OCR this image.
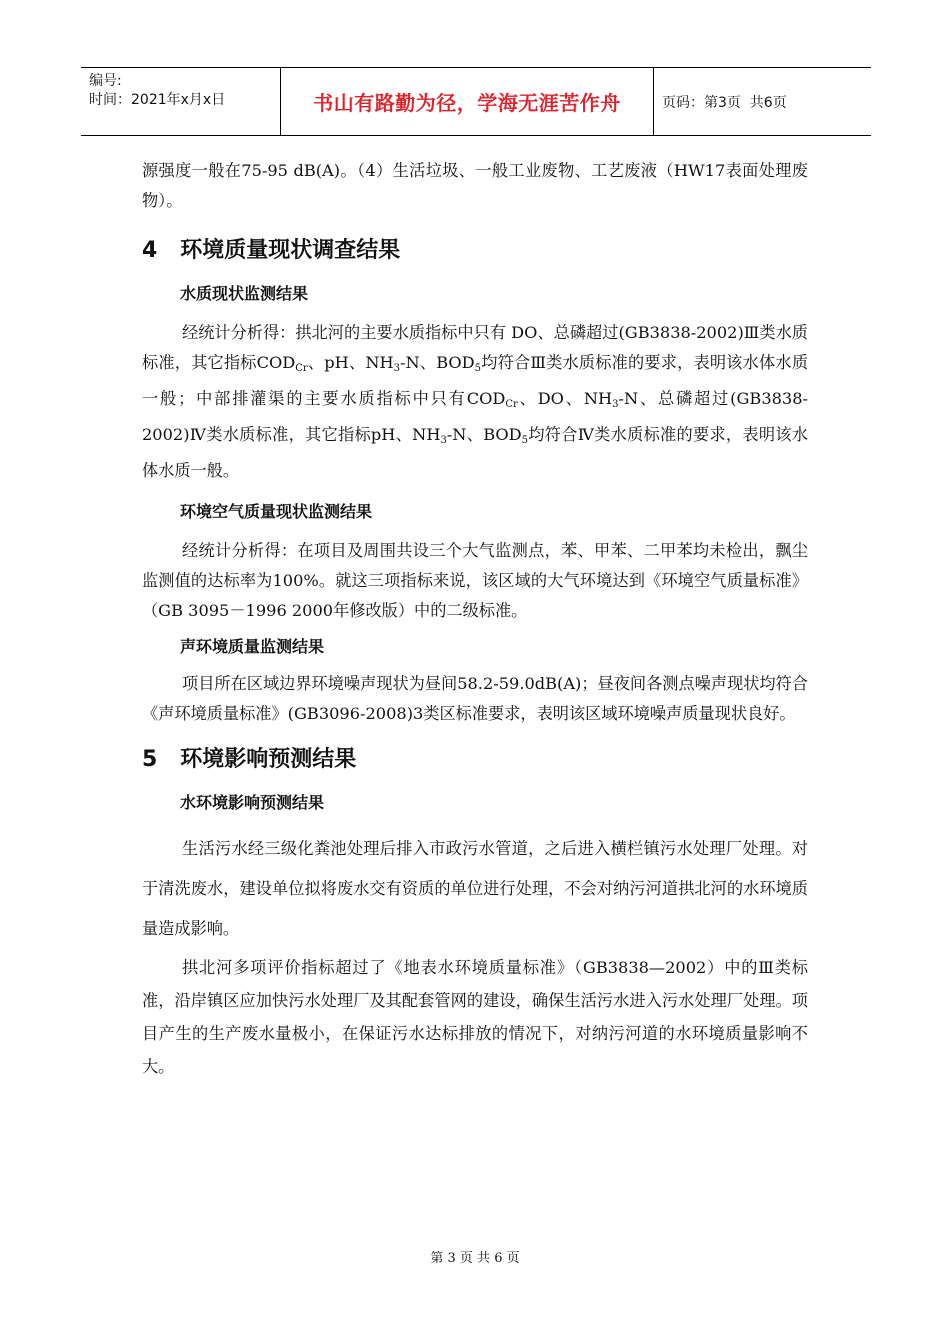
编号:
时间：2021年x月x日	书山有路勤为径，学海无涯苦作舟	页码：第3页  共6页

源强度一般在75-95 dB(A)。（4）生活垃圾、一般工业废物、工艺废液（HW17表面处理废物）。

4   环境质量现状调查结果
水质现状监测结果

经统计分析得：拱北河的主要水质指标中只有 DO、总磷超过(GB3838-2002)Ⅲ类水质标准，其它指标$COD_{Cr}$、pH、$NH_3-N$、$BOD_5$均符合Ⅲ类水质标准的要求，表明该水体水质一般；中部排灌渠的主要水质指标中只有$COD_{Cr}$、DO、$NH_3-N$、总磷超过(GB3838-2002)Ⅳ类水质标准，其它指标pH、$NH_3-N$、$BOD_5$均符合Ⅳ类水质标准的要求，表明该水体水质一般。

环境空气质量现状监测结果

经统计分析得：在项目及周围共设三个大气监测点，苯、甲苯、二甲苯均未检出，飘尘监测值的达标率为100%。就这三项指标来说，该区域的大气环境达到《环境空气质量标准》（GB 3095－1996 2000年修改版）中的二级标准。

声环境质量监测结果

项目所在区域边界环境噪声现状为昼间58.2-59.0dB(A)；昼夜间各测点噪声现状均符合《声环境质量标准》(GB3096-2008)3类区标准要求，表明该区域环境噪声质量现状良好。

5   环境影响预测结果
水环境影响预测结果

生活污水经三级化粪池处理后排入市政污水管道，之后进入横栏镇污水处理厂处理。对于清洗废水，建设单位拟将废水交有资质的单位进行处理，不会对纳污河道拱北河的水环境质量造成影响。

拱北河多项评价指标超过了《地表水环境质量标准》（GB3838—2002）中的Ⅲ类标准，沿岸镇区应加快污水处理厂及其配套管网的建设，确保生活污水进入污水处理厂处理。项目产生的生产废水量极小，在保证污水达标排放的情况下，对纳污河道的水环境质量影响不大。

第 3 页 共 6 页
